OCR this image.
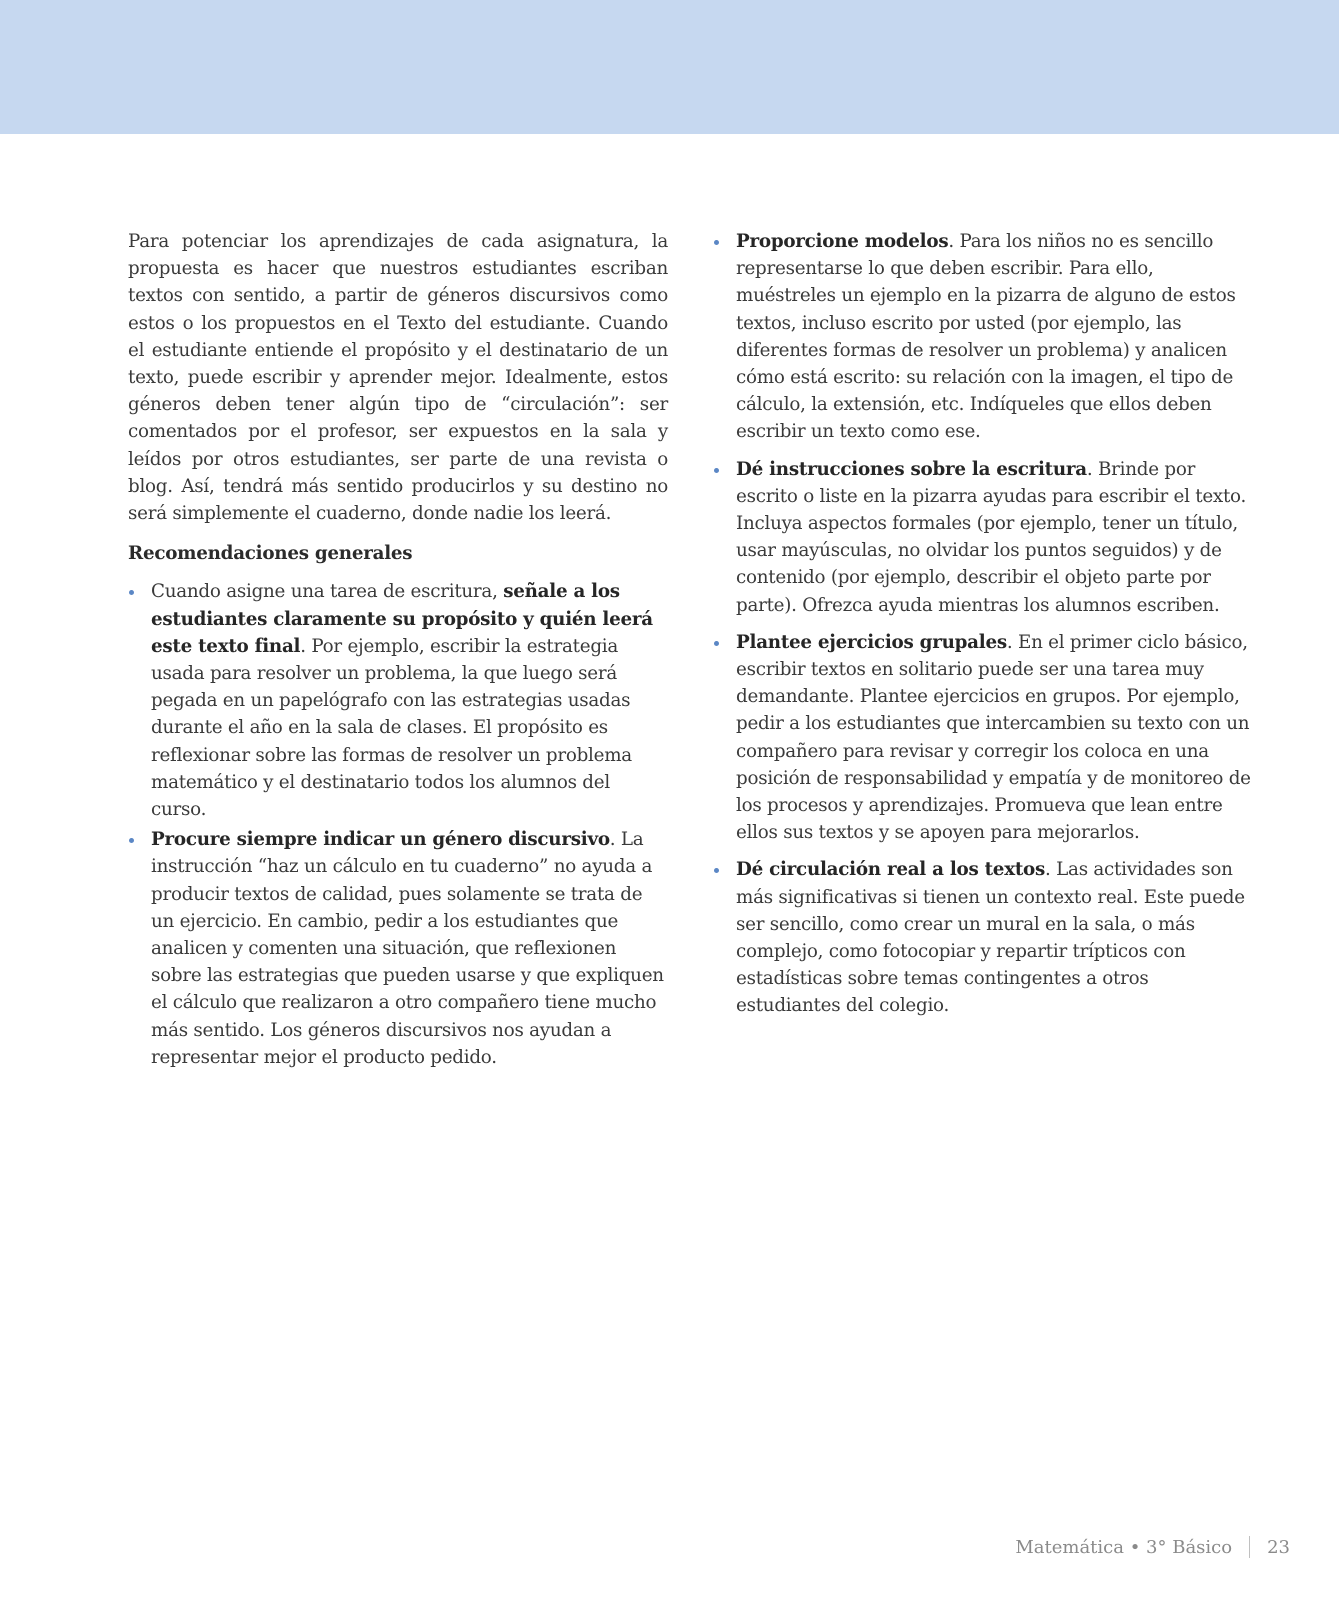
Para potenciar los aprendizajes de cada asignatura, la propuesta es hacer que nuestros estudiantes escriban textos con sentido, a partir de géneros discursivos como estos o los propuestos en el Texto del estudiante. Cuando el estudiante entiende el propósito y el destinatario de un texto, puede escribir y aprender mejor. Idealmente, estos géneros deben tener algún tipo de “circulación”: ser comentados por el profesor, ser expuestos en la sala y leídos por otros estudiantes, ser parte de una revista o blog. Así, tendrá más sentido producirlos y su destino no será simplemente el cuaderno, donde nadie los leerá.

Recomendaciones generales

Cuando asigne una tarea de escritura, señale a los estudiantes claramente su propósito y quién leerá este texto final. Por ejemplo, escribir la estrategia usada para resolver un problema, la que luego será pegada en un papelógrafo con las estrategias usadas durante el año en la sala de clases. El propósito es reflexionar sobre las formas de resolver un problema matemático y el destinatario todos los alumnos del curso.
Procure siempre indicar un género discursivo. La instrucción “haz un cálculo en tu cuaderno” no ayuda a producir textos de calidad, pues solamente se trata de un ejercicio. En cambio, pedir a los estudiantes que analicen y comenten una situación, que reflexionen sobre las estrategias que pueden usarse y que expliquen el cálculo que realizaron a otro compañero tiene mucho más sentido. Los géneros discursivos nos ayudan a representar mejor el producto pedido.
Proporcione modelos. Para los niños no es sencillo representarse lo que deben escribir. Para ello, muéstreles un ejemplo en la pizarra de alguno de estos textos, incluso escrito por usted (por ejemplo, las diferentes formas de resolver un problema) y analicen cómo está escrito: su relación con la imagen, el tipo de cálculo, la extensión, etc. Indíqueles que ellos deben escribir un texto como ese.
Dé instrucciones sobre la escritura. Brinde por escrito o liste en la pizarra ayudas para escribir el texto. Incluya aspectos formales (por ejemplo, tener un título, usar mayúsculas, no olvidar los puntos seguidos) y de contenido (por ejemplo, describir el objeto parte por parte). Ofrezca ayuda mientras los alumnos escriben.
Plantee ejercicios grupales. En el primer ciclo básico, escribir textos en solitario puede ser una tarea muy demandante. Plantee ejercicios en grupos. Por ejemplo, pedir a los estudiantes que intercambien su texto con un compañero para revisar y corregir los coloca en una posición de responsabilidad y empatía y de monitoreo de los procesos y aprendizajes. Promueva que lean entre ellos sus textos y se apoyen para mejorarlos.
Dé circulación real a los textos. Las actividades son más significativas si tienen un contexto real. Este puede ser sencillo, como crear un mural en la sala, o más complejo, como fotocopiar y repartir trípticos con estadísticas sobre temas contingentes a otros estudiantes del colegio.
Matemática • 3° Básico 23
